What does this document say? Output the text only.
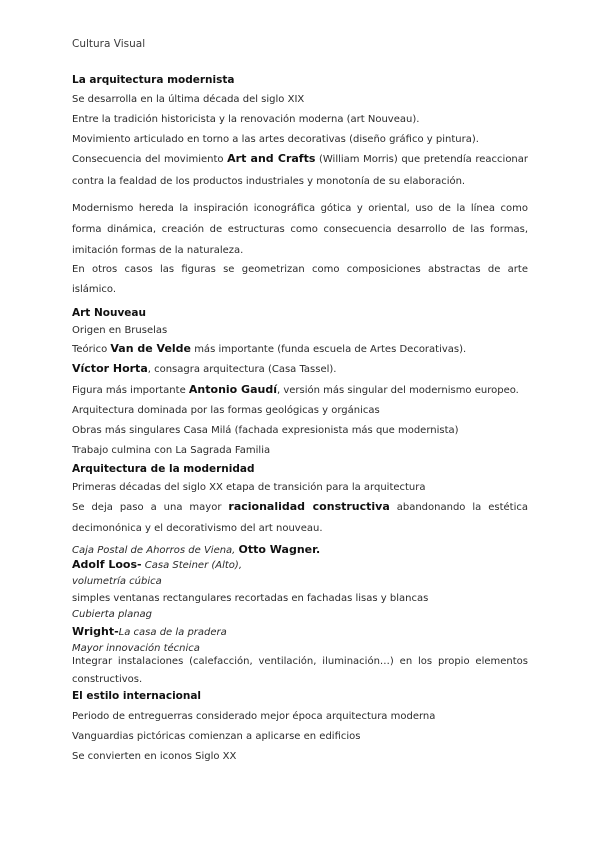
Cultura Visual
La arquitectura modernista
Se desarrolla en la última década del siglo XIX
Entre la tradición historicista y la renovación moderna (art Nouveau).
Movimiento articulado en torno a las artes decorativas (diseño gráfico y pintura).
Consecuencia del movimiento Art and Crafts (William Morris) que pretendía reaccionar contra la fealdad de los productos industriales y monotonía de su elaboración.
Modernismo hereda la inspiración iconográfica gótica y oriental, uso de la línea como forma dinámica, creación de estructuras como consecuencia desarrollo de las formas, imitación formas de la naturaleza.
En otros casos las figuras se geometrizan como composiciones abstractas de arte islámico.
Art Nouveau
Origen en Bruselas
Teórico Van de Velde más importante (funda escuela de Artes Decorativas).
Víctor Horta, consagra arquitectura (Casa Tassel).
Figura más importante Antonio Gaudí, versión más singular del modernismo europeo.
Arquitectura dominada por las formas geológicas y orgánicas
Obras más singulares Casa Milá (fachada expresionista más que modernista)
Trabajo culmina con La Sagrada Familia
Arquitectura de la modernidad
Primeras décadas del siglo XX etapa de transición para la arquitectura
Se deja paso a una mayor racionalidad constructiva abandonando la estética decimonónica y el decorativismo del art nouveau.
Caja Postal de Ahorros de Viena, Otto Wagner.
Adolf Loos- Casa Steiner (Alto),
volumetría cúbica
simples ventanas rectangulares recortadas en fachadas lisas y blancas
Cubierta planag
Wright-La casa de la pradera
Mayor innovación técnica
Integrar instalaciones (calefacción, ventilación, iluminación…) en los propio elementos constructivos.
El estilo internacional
Periodo de entreguerras considerado mejor época arquitectura moderna
Vanguardias pictóricas comienzan a aplicarse en edificios
Se convierten en iconos Siglo XX
